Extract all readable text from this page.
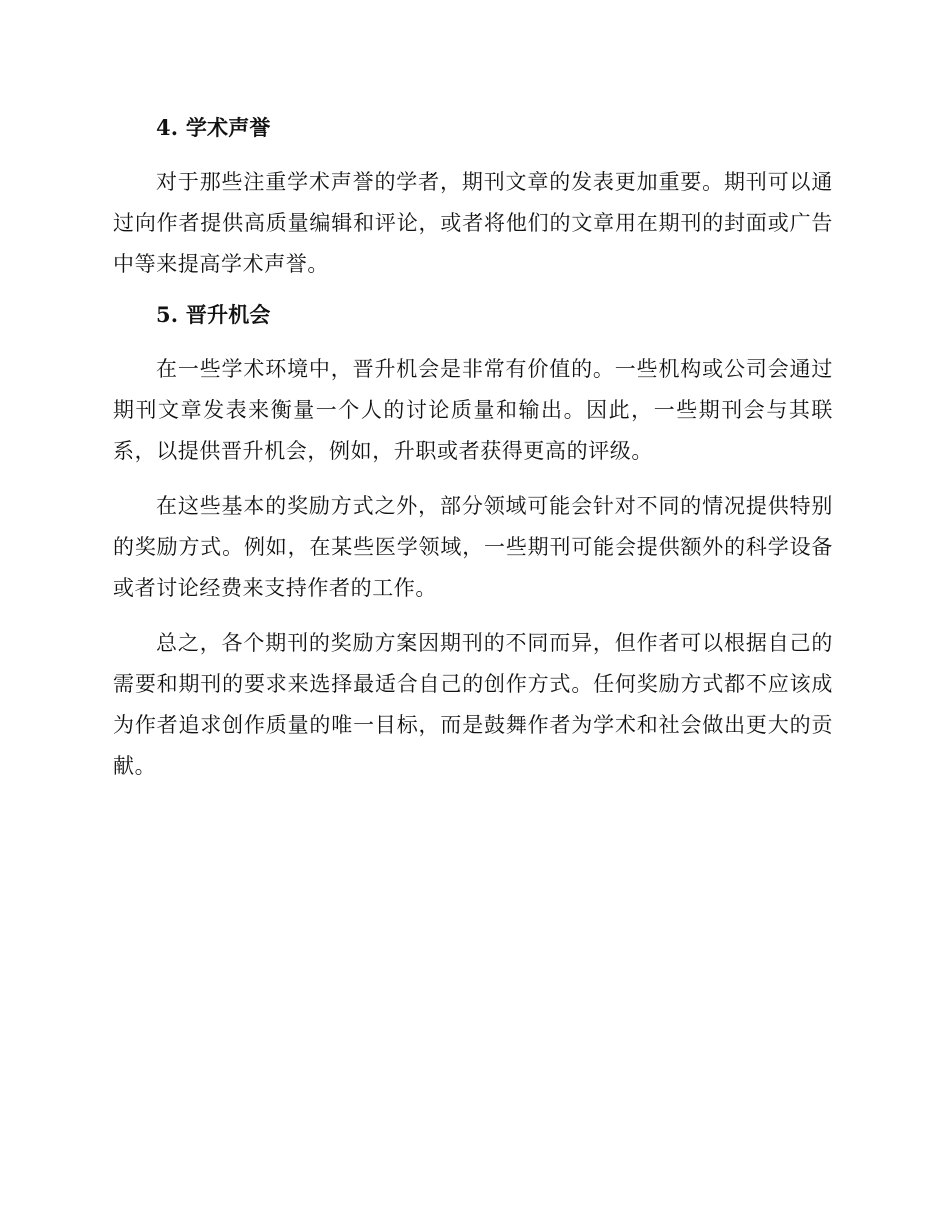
4. 学术声誉

对于那些注重学术声誉的学者，期刊文章的发表更加重要。期刊可以通过向作者提供高质量编辑和评论，或者将他们的文章用在期刊的封面或广告中等来提高学术声誉。

5. 晋升机会

在一些学术环境中，晋升机会是非常有价值的。一些机构或公司会通过期刊文章发表来衡量一个人的讨论质量和输出。因此，一些期刊会与其联系，以提供晋升机会，例如，升职或者获得更高的评级。

在这些基本的奖励方式之外，部分领域可能会针对不同的情况提供特别的奖励方式。例如，在某些医学领域，一些期刊可能会提供额外的科学设备或者讨论经费来支持作者的工作。

总之，各个期刊的奖励方案因期刊的不同而异，但作者可以根据自己的需要和期刊的要求来选择最适合自己的创作方式。任何奖励方式都不应该成为作者追求创作质量的唯一目标，而是鼓舞作者为学术和社会做出更大的贡献。
